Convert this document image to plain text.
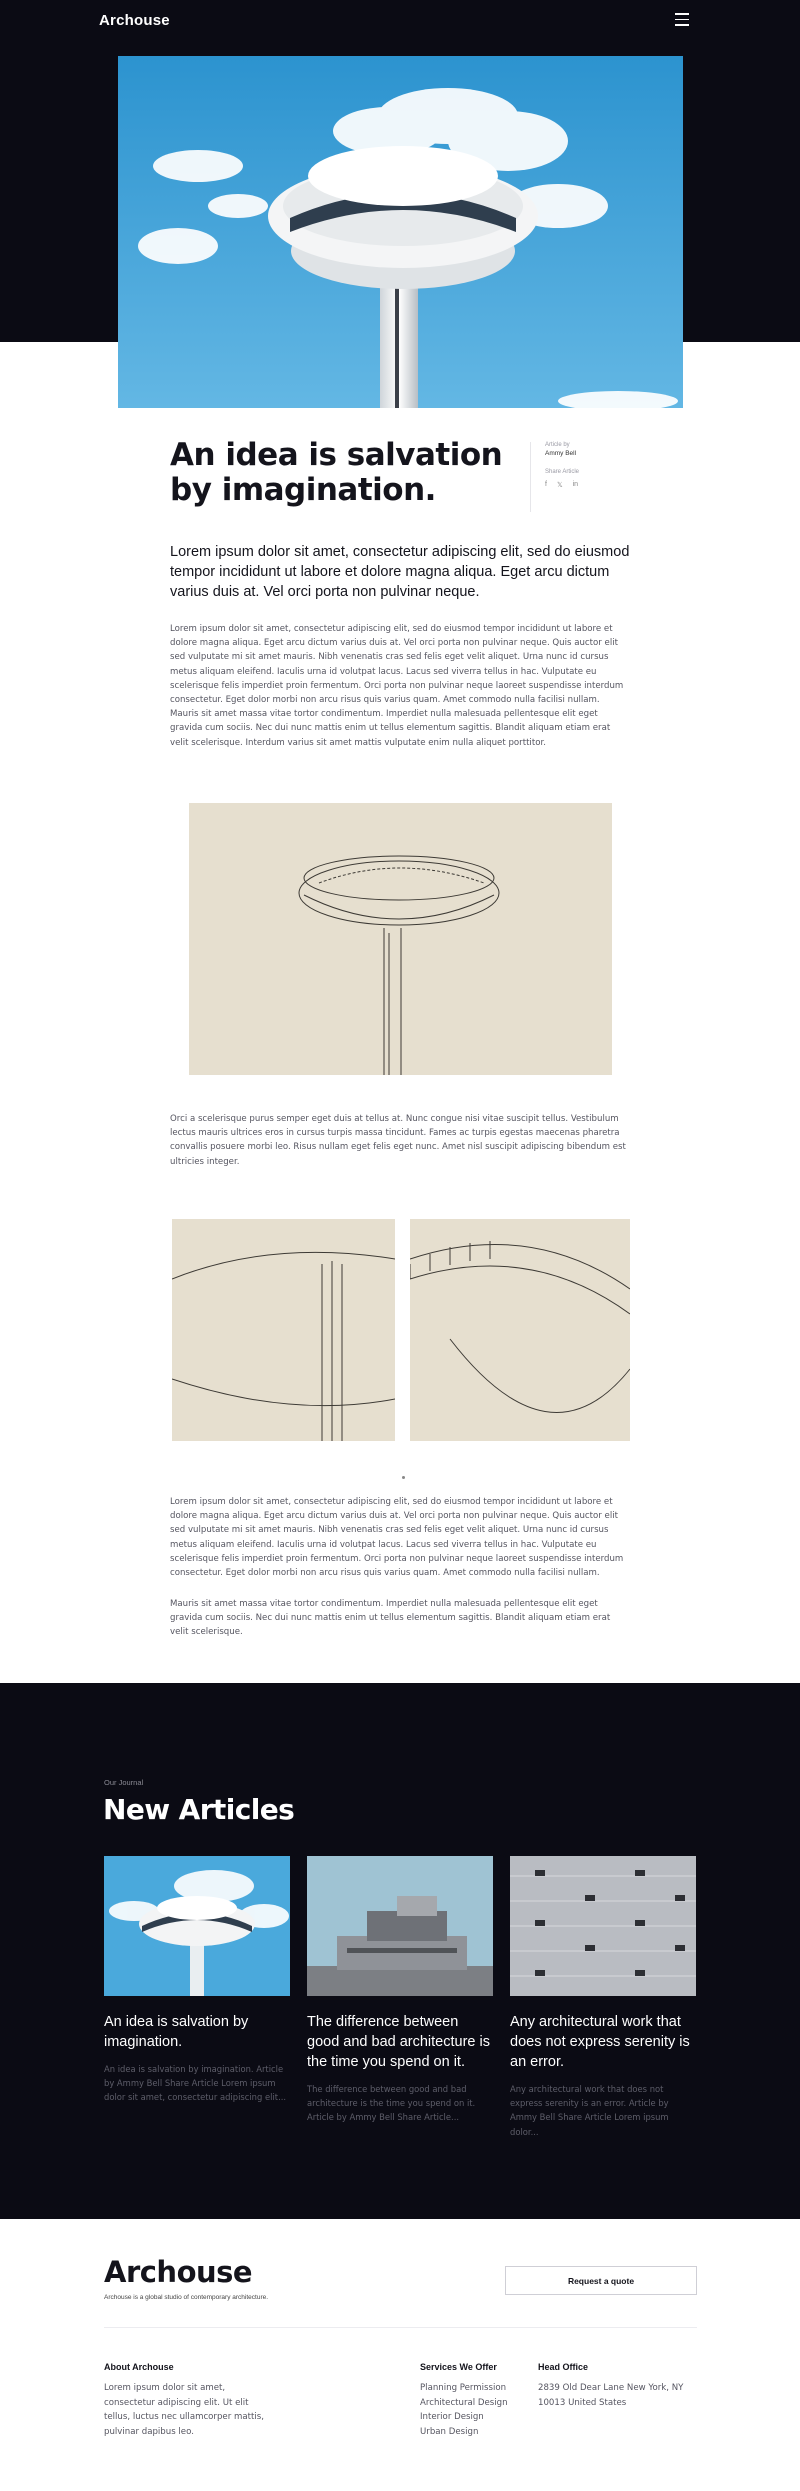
Archouse
An idea is salvation by imagination.
Article by
Ammy Bell
Share Article
f 𝕏 in

Lorem ipsum dolor sit amet, consectetur adipiscing elit, sed do eiusmod tempor incididunt ut labore et dolore magna aliqua. Eget arcu dictum varius duis at. Vel orci porta non pulvinar neque.

Lorem ipsum dolor sit amet, consectetur adipiscing elit, sed do eiusmod tempor incididunt ut labore et dolore magna aliqua. Eget arcu dictum varius duis at. Vel orci porta non pulvinar neque. Quis auctor elit sed vulputate mi sit amet mauris. Nibh venenatis cras sed felis eget velit aliquet. Urna nunc id cursus metus aliquam eleifend. Iaculis urna id volutpat lacus. Lacus sed viverra tellus in hac. Vulputate eu scelerisque felis imperdiet proin fermentum. Orci porta non pulvinar neque laoreet suspendisse interdum consectetur. Eget dolor morbi non arcu risus quis varius quam. Amet commodo nulla facilisi nullam. Mauris sit amet massa vitae tortor condimentum. Imperdiet nulla malesuada pellentesque elit eget gravida cum sociis. Nec dui nunc mattis enim ut tellus elementum sagittis. Blandit aliquam etiam erat velit scelerisque. Interdum varius sit amet mattis vulputate enim nulla aliquet porttitor.

Orci a scelerisque purus semper eget duis at tellus at. Nunc congue nisi vitae suscipit tellus. Vestibulum lectus mauris ultrices eros in cursus turpis massa tincidunt. Fames ac turpis egestas maecenas pharetra convallis posuere morbi leo. Risus nullam eget felis eget nunc. Amet nisl suscipit adipiscing bibendum est ultricies integer.

Lorem ipsum dolor sit amet, consectetur adipiscing elit, sed do eiusmod tempor incididunt ut labore et dolore magna aliqua. Eget arcu dictum varius duis at. Vel orci porta non pulvinar neque. Quis auctor elit sed vulputate mi sit amet mauris. Nibh venenatis cras sed felis eget velit aliquet. Urna nunc id cursus metus aliquam eleifend. Iaculis urna id volutpat lacus. Lacus sed viverra tellus in hac. Vulputate eu scelerisque felis imperdiet proin fermentum. Orci porta non pulvinar neque laoreet suspendisse interdum consectetur. Eget dolor morbi non arcu risus quis varius quam. Amet commodo nulla facilisi nullam.

Mauris sit amet massa vitae tortor condimentum. Imperdiet nulla malesuada pellentesque elit eget gravida cum sociis. Nec dui nunc mattis enim ut tellus elementum sagittis. Blandit aliquam etiam erat velit scelerisque.

Our Journal
New Articles
An idea is salvation by imagination.
An idea is salvation by imagination. Article by Ammy Bell Share Article Lorem ipsum dolor sit amet, consectetur adipiscing elit...
The difference between good and bad architecture is the time you spend on it.
The difference between good and bad architecture is the time you spend on it. Article by Ammy Bell Share Article...
Any architectural work that does not express serenity is an error.
Any architectural work that does not express serenity is an error. Article by Ammy Bell Share Article Lorem ipsum dolor...
Archouse
Archouse is a global studio of contemporary architecture.
Request a quote
About Archouse

Lorem ipsum dolor sit amet, consectetur adipiscing elit. Ut elit tellus, luctus nec ullamcorper mattis, pulvinar dapibus leo.

Services We Offer
Planning Permission
Architectural Design
Interior Design
Urban Design
Head Office

2839 Old Dear Lane New York, NY

10013 United States
